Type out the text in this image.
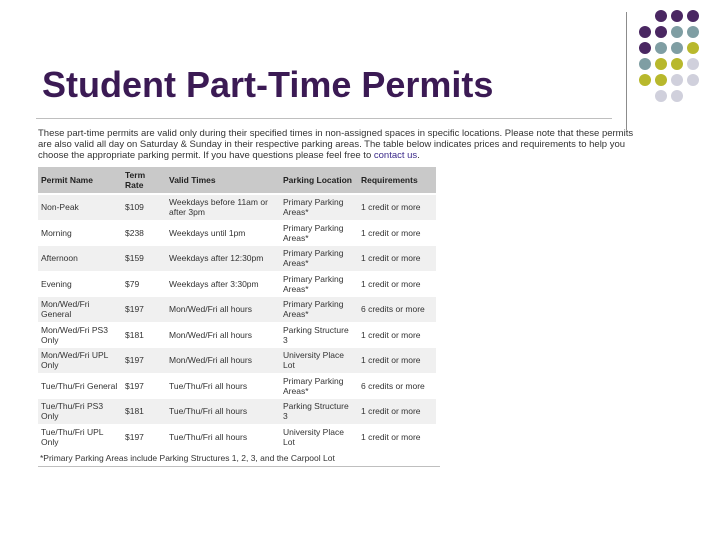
Student Part-Time Permits

These part-time permits are valid only during their specified times in non-assigned spaces in specific locations. Please note that these permits are also valid all day on Saturday & Sunday in their respective parking areas. The table below indicates prices and requirements to help you choose the appropriate parking permit. If you have questions please feel free to contact us.

Permit Name	Term Rate	Valid Times	Parking Location	Requirements
Non-Peak	$109	Weekdays before 11am or after 3pm	Primary Parking Areas*	1 credit or more
Morning	$238	Weekdays until 1pm	Primary Parking Areas*	1 credit or more
Afternoon	$159	Weekdays after 12:30pm	Primary Parking Areas*	1 credit or more
Evening	$79	Weekdays after 3:30pm	Primary Parking Areas*	1 credit or more
Mon/Wed/Fri General	$197	Mon/Wed/Fri all hours	Primary Parking Areas*	6 credits or more
Mon/Wed/Fri PS3 Only	$181	Mon/Wed/Fri all hours	Parking Structure 3	1 credit or more
Mon/Wed/Fri UPL Only	$197	Mon/Wed/Fri all hours	University Place Lot	1 credit or more
Tue/Thu/Fri General	$197	Tue/Thu/Fri all hours	Primary Parking Areas*	6 credits or more
Tue/Thu/Fri PS3 Only	$181	Tue/Thu/Fri all hours	Parking Structure 3	1 credit or more
Tue/Thu/Fri UPL Only	$197	Tue/Thu/Fri all hours	University Place Lot	1 credit or more
*Primary Parking Areas include Parking Structures 1, 2, 3, and the Carpool Lot
